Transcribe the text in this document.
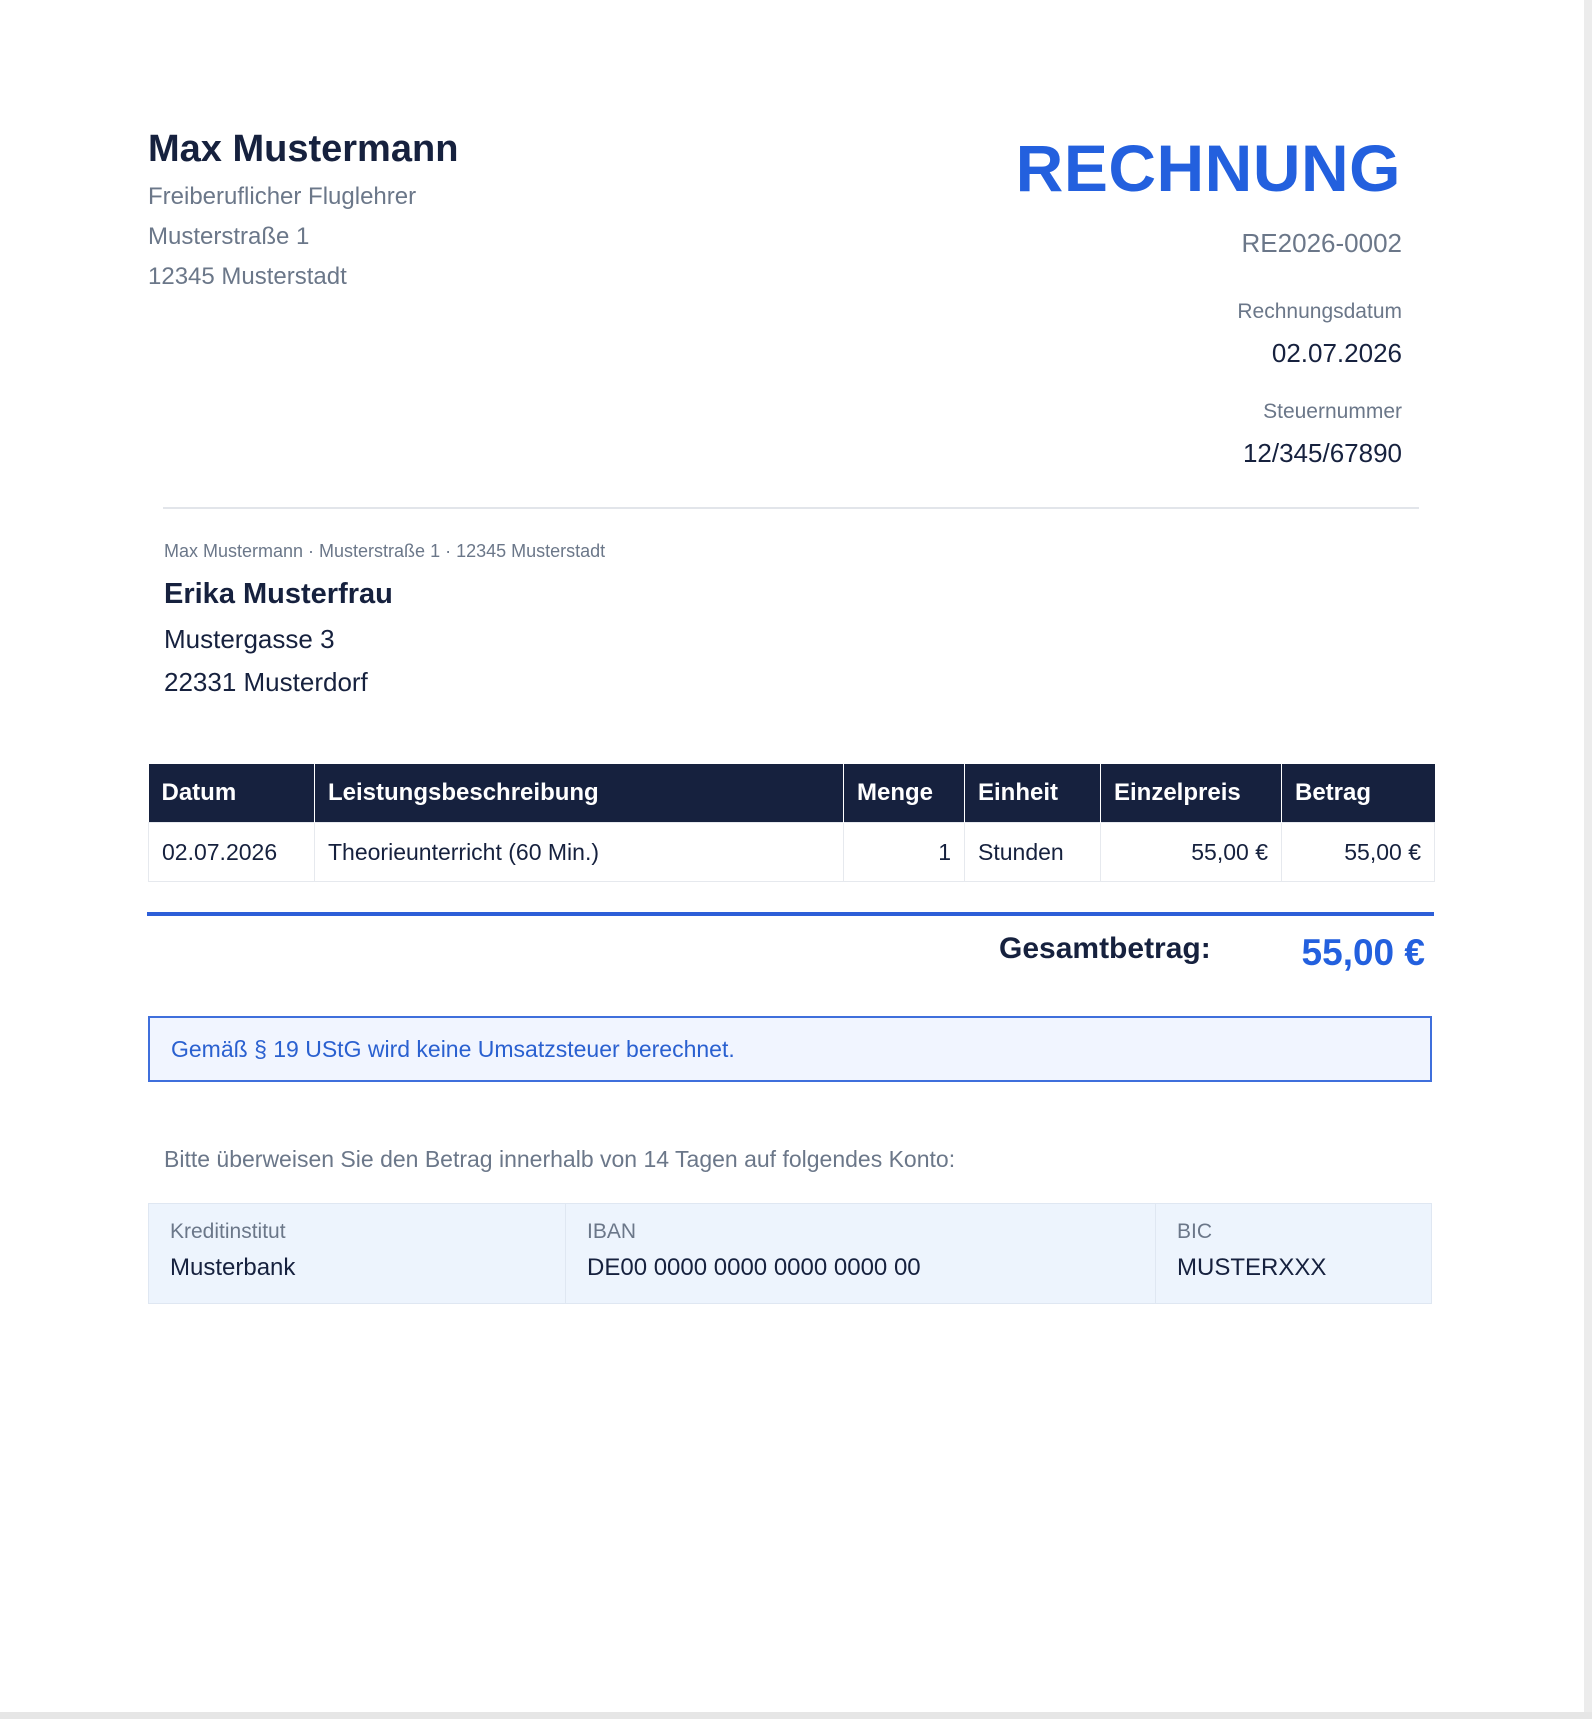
Max Mustermann
Freiberuflicher Fluglehrer
Musterstraße 1
12345 Musterstadt
RECHNUNG
RE2026-0002
Rechnungsdatum
02.07.2026
Steuernummer
12/345/67890
Max Mustermann · Musterstraße 1 · 12345 Musterstadt
Erika Musterfrau
Mustergasse 3
22331 Musterdorf
Datum	Leistungsbeschreibung	Menge	Einheit	Einzelpreis	Betrag
02.07.2026	Theorieunterricht (60 Min.)	1	Stunden	55,00 €	55,00 €
Gesamtbetrag: 55,00 €
Gemäß § 19 UStG wird keine Umsatzsteuer berechnet.
Bitte überweisen Sie den Betrag innerhalb von 14 Tagen auf folgendes Konto:
Kreditinstitut
Musterbank
IBAN
DE00 0000 0000 0000 0000 00
BIC
MUSTERXXX
